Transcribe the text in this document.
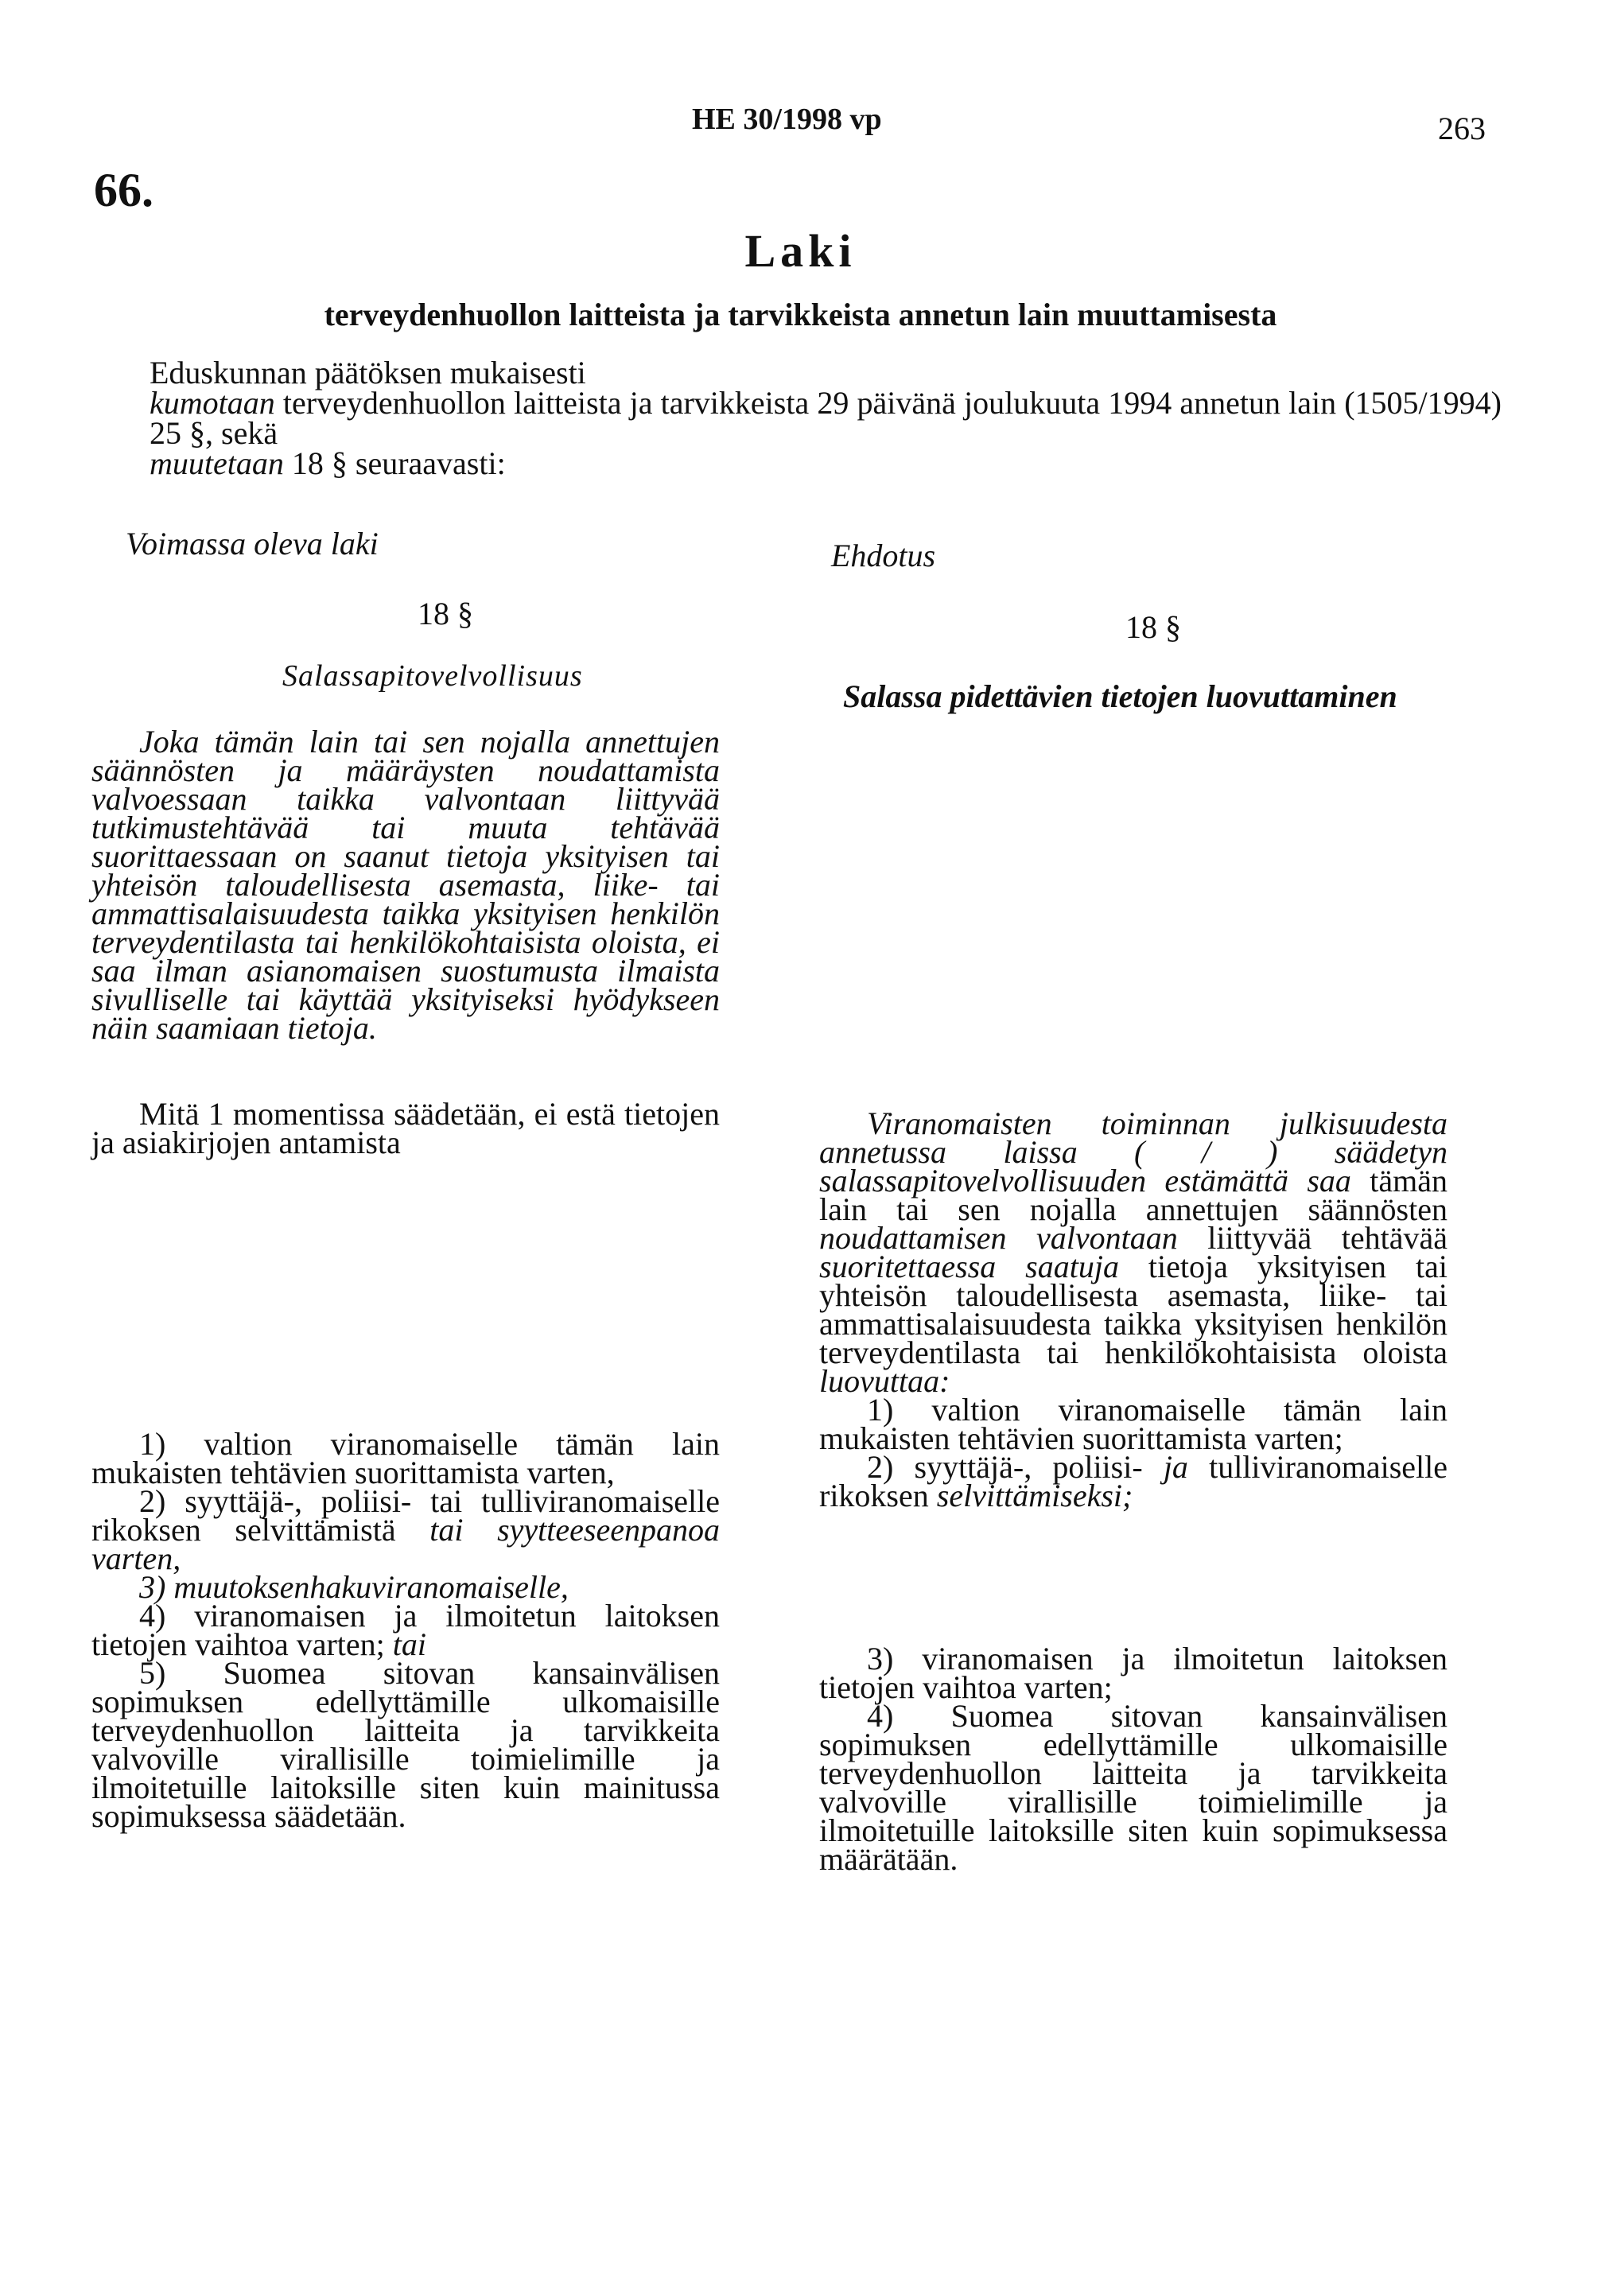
HE 30/1998 vp	263
66.
Laki
terveydenhuollon laitteista ja tarvikkeista annetun lain muuttamisesta

Eduskunnan päätöksen mukaisesti

kumotaan terveydenhuollon laitteista ja tarvikkeista 29 päivänä joulukuuta 1994 annetun lain (1505/1994) 25 §, sekä

muutetaan 18 § seuraavasti:

Voimassa oleva laki
18 §
Salassapitovelvollisuus

Joka tämän lain tai sen nojalla annettujen säännösten ja määräysten noudattamista valvoessaan taikka valvontaan liittyvää tutkimustehtävää tai muuta tehtävää suorittaessaan on saanut tietoja yksityisen tai yhteisön taloudellisesta asemasta, liike- tai ammattisalaisuudesta taikka yksityisen henkilön terveydentilasta tai henkilökohtaisista oloista, ei saa ilman asianomaisen suostumusta ilmaista sivulliselle tai käyttää yksityiseksi hyödykseen näin saamiaan tietoja.

Mitä 1 momentissa säädetään, ei estä tietojen ja asiakirjojen antamista

1) valtion viranomaiselle tämän lain mukaisten tehtävien suorittamista varten,

2) syyttäjä-, poliisi- tai tulliviranomaiselle rikoksen selvittämistä tai syytteeseenpanoa varten,

3) muutoksenhakuviranomaiselle,

4) viranomaisen ja ilmoitetun laitoksen tietojen vaihtoa varten; tai

5) Suomea sitovan kansainvälisen sopimuksen edellyttämille ulkomaisille terveydenhuollon laitteita ja tarvikkeita valvoville virallisille toimielimille ja ilmoitetuille laitoksille siten kuin mainitussa sopimuksessa säädetään.

Ehdotus
18 §
Salassa pidettävien tietojen luovuttaminen

Viranomaisten toiminnan julkisuudesta annetussa laissa ( / ) säädetyn salassapitovelvollisuuden estämättä saa tämän lain tai sen nojalla annettujen säännösten noudattamisen valvontaan liittyvää tehtävää suoritettaessa saatuja tietoja yksityisen tai yhteisön taloudellisesta asemasta, liike- tai ammattisalaisuudesta taikka yksityisen henkilön terveydentilasta tai henkilökohtaisista oloista luovuttaa:

1) valtion viranomaiselle tämän lain mukaisten tehtävien suorittamista varten;

2) syyttäjä-, poliisi- ja tulliviranomaiselle rikoksen selvittämiseksi;

3) viranomaisen ja ilmoitetun laitoksen tietojen vaihtoa varten;

4) Suomea sitovan kansainvälisen sopimuksen edellyttämille ulkomaisille terveydenhuollon laitteita ja tarvikkeita valvoville virallisille toimielimille ja ilmoitetuille laitoksille siten kuin sopimuksessa määrätään.
